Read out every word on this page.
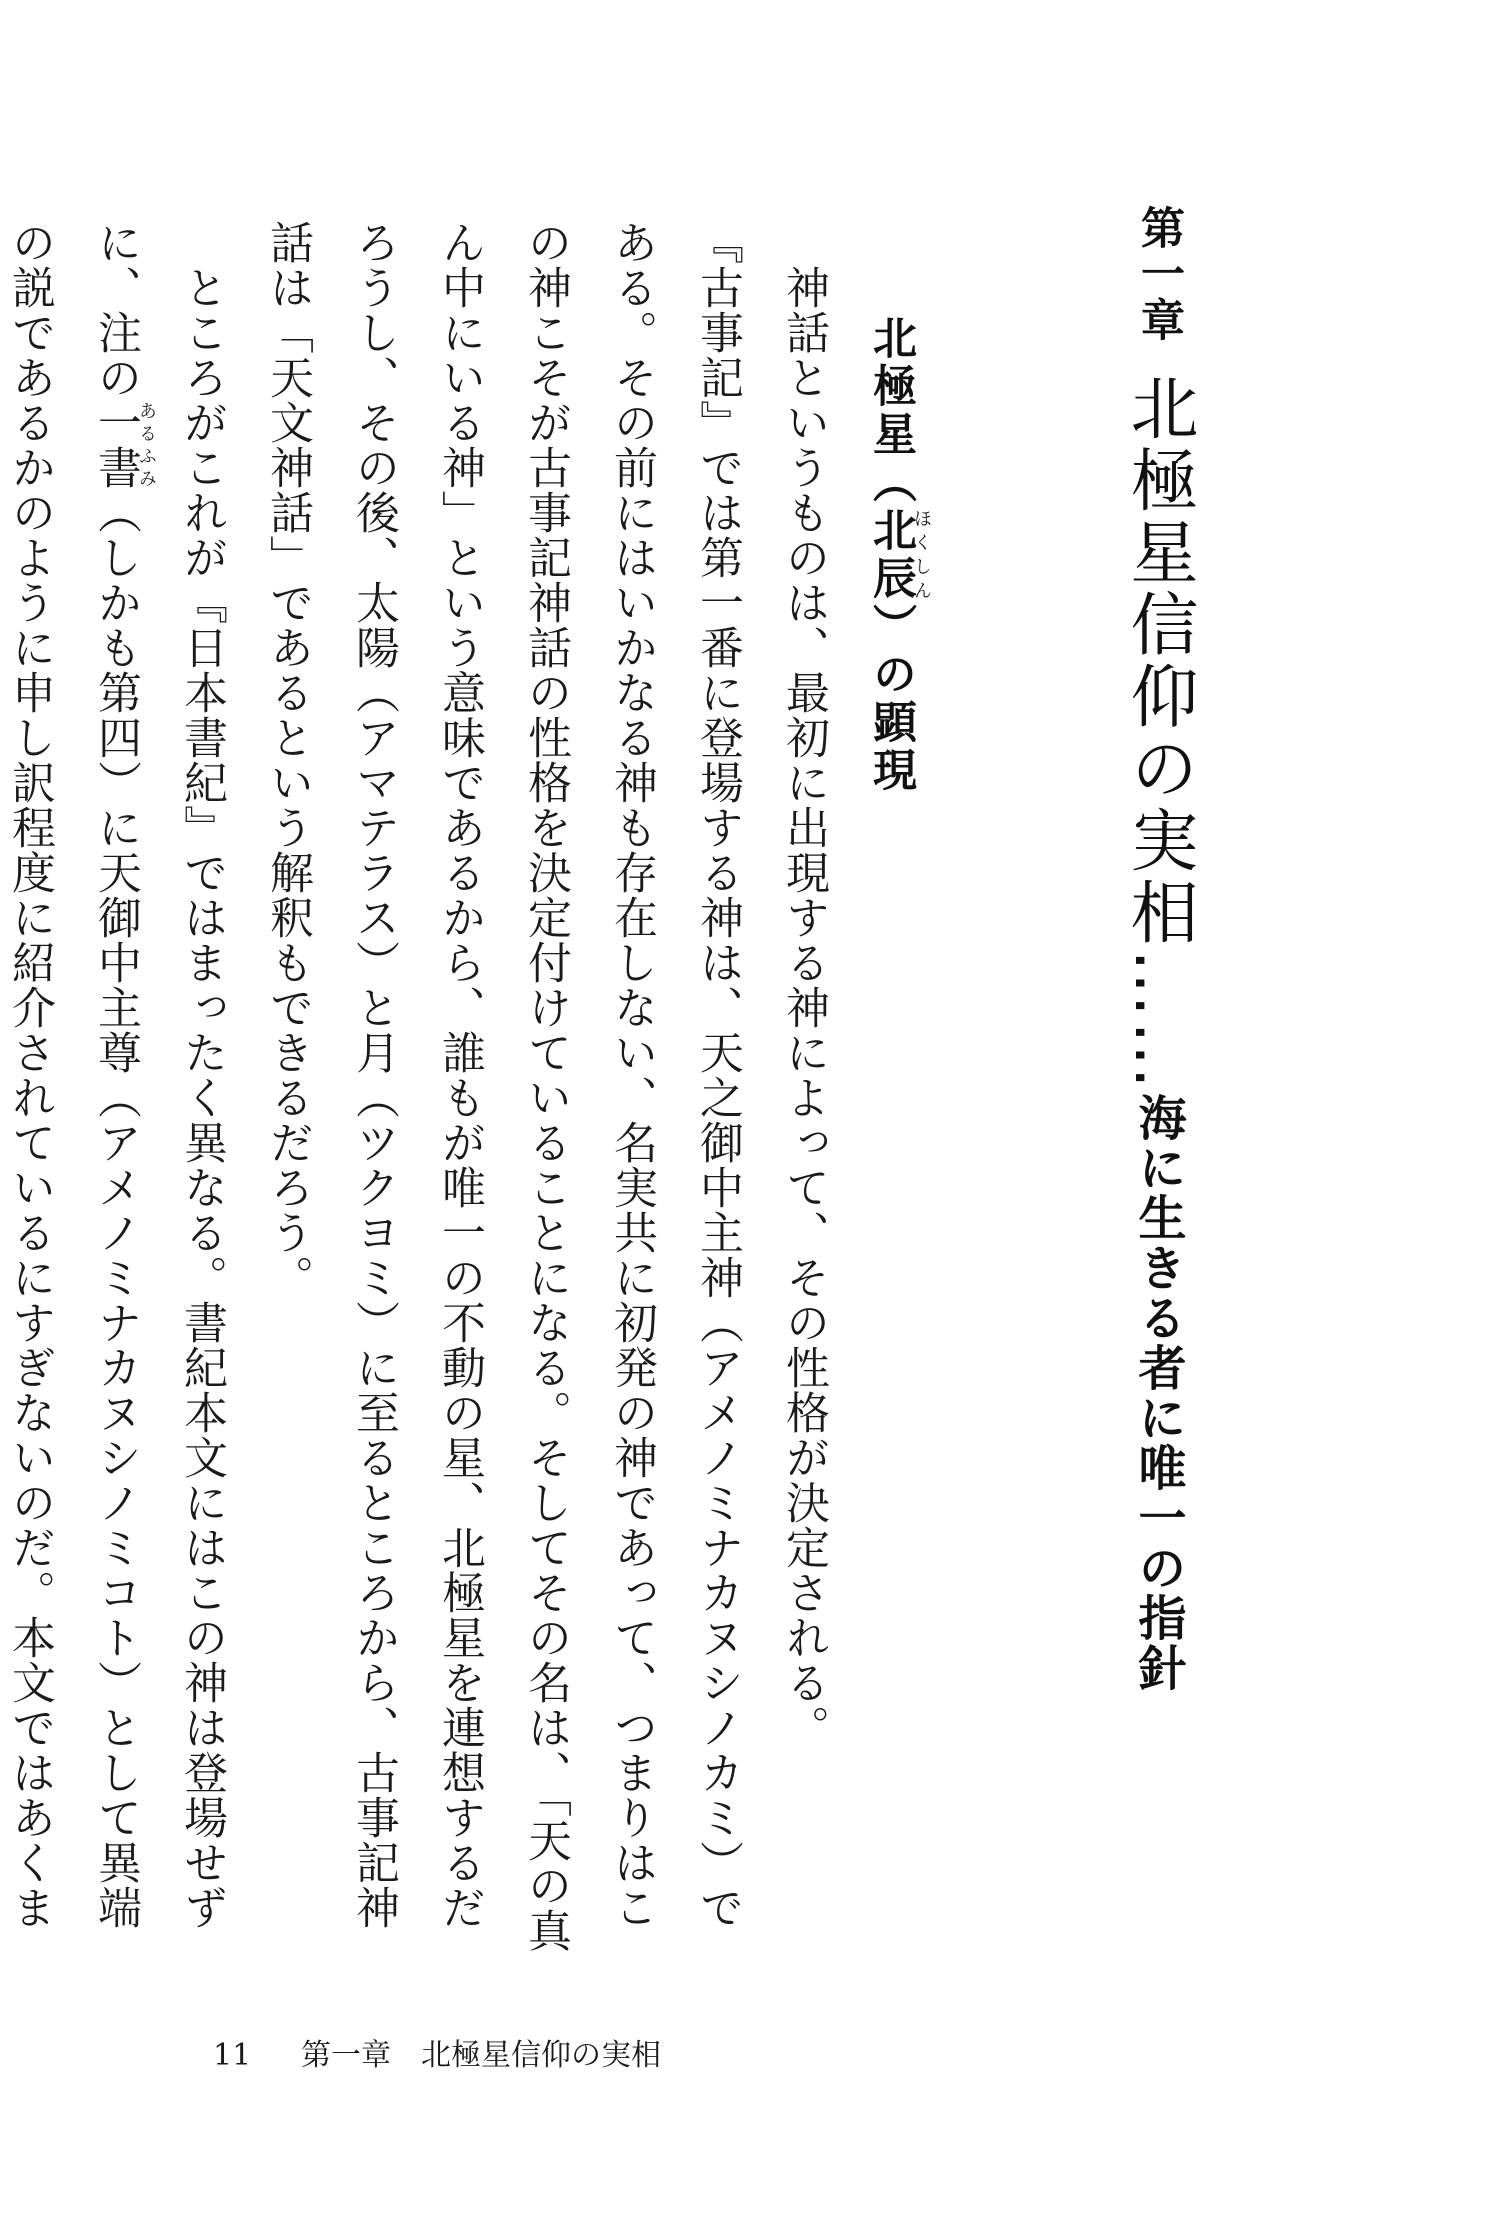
第一章北極星信仰の実相……海に生きる者に唯一の指針
北極星（北辰ほくしん）の顕現

　神話というものは、最初に出現する神によって、その性格が決定される。

『古事記』では第一番に登場する神は、天之御中主神（アメノミナカヌシノカミ）である。その前にはいかなる神も存在しない、名実共に初発の神であって、つまりはこの神こそが古事記神話の性格を決定付けていることになる。そしてその名は、「天の真ん中にいる神」という意味であるから、誰もが唯一の不動の星、北極星を連想するだろうし、その後、太陽（アマテラス）と月（ツクヨミ）に至るところから、古事記神話は「天文神話」であるという解釈もできるだろう。

　ところがこれが『日本書紀』ではまったく異なる。書紀本文にはこの神は登場せずに、注の一書あるふみ（しかも第四）に天御中主尊（アメノミナカヌシノミコト）として異端の説であるかのように申し訳程度に紹介されているにすぎないのだ。本文ではあくま

11 第一章　北極星信仰の実相
